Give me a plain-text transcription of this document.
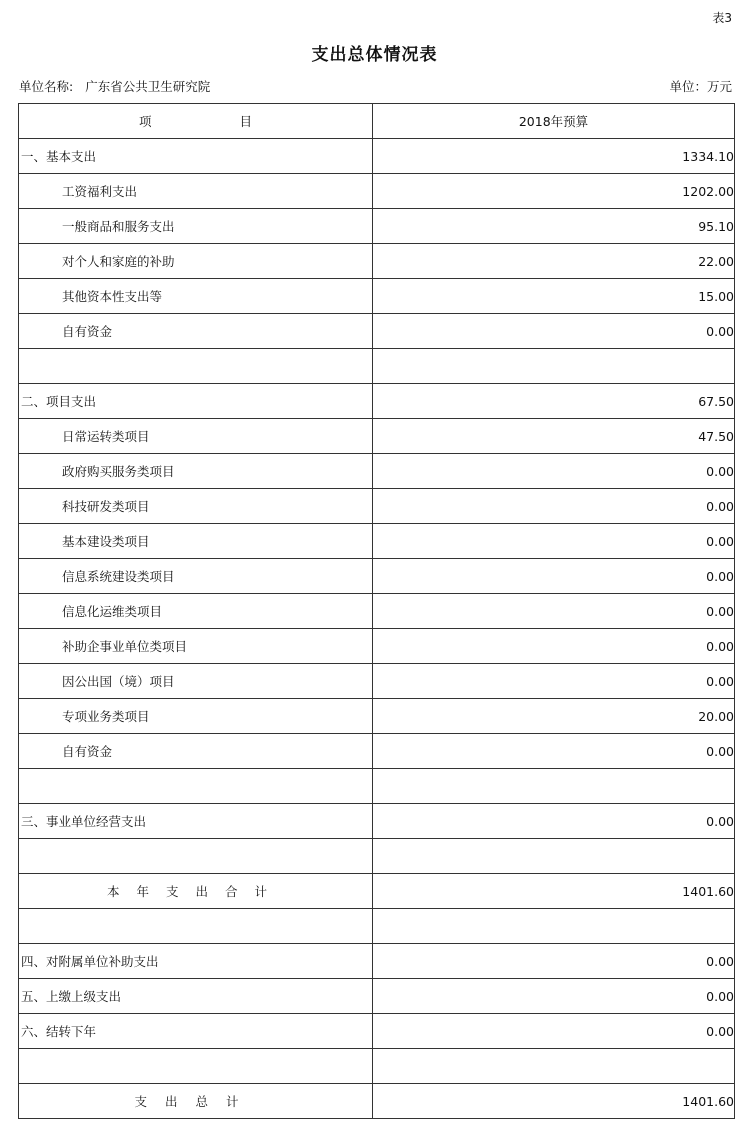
表3
支出总体情况表
单位名称: 广东省公共卫生研究院	单位：万元
项 目	2018年预算
一、基本支出	1334.10
工资福利支出	1202.00
一般商品和服务支出	95.10
对个人和家庭的补助	22.00
其他资本性支出等	15.00
自有资金	0.00

二、项目支出	67.50
日常运转类项目	47.50
政府购买服务类项目	0.00
科技研发类项目	0.00
基本建设类项目	0.00
信息系统建设类项目	0.00
信息化运维类项目	0.00
补助企事业单位类项目	0.00
因公出国（境）项目	0.00
专项业务类项目	20.00
自有资金	0.00

三、事业单位经营支出	0.00

本年支出合计	1401.60

四、对附属单位补助支出	0.00
五、上缴上级支出	0.00
六、结转下年	0.00

支出总计	1401.60
